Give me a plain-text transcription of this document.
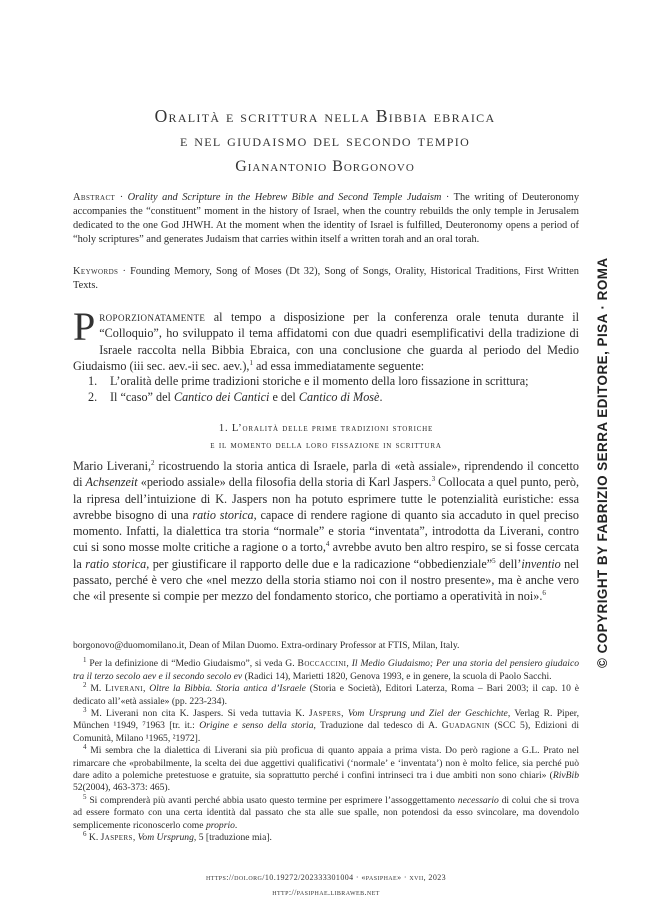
Oralità e scrittura nella Bibbia ebraica
e nel giudaismo del secondo tempio
Gianantonio Borgonovo
Abstract · Orality and Scripture in the Hebrew Bible and Second Temple Judaism · The writing of Deuteronomy accompanies the “constituent” moment in the history of Israel, when the country rebuilds the only temple in Jerusalem dedicated to the one God JHWH. At the moment when the identity of Israel is fulfilled, Deuteronomy opens a period of “holy scriptures” and generates Judaism that carries within itself a written torah and an oral torah.
Keywords · Founding Memory, Song of Moses (Dt 32), Song of Songs, Orality, Historical Traditions, First Written Texts.
Proporzionatamente al tempo a disposizione per la conferenza orale tenuta durante il “Colloquio”, ho sviluppato il tema affidatomi con due quadri esemplificativi della tradizione di Israele raccolta nella Bibbia Ebraica, con una conclusione che guarda al periodo del Medio Giudaismo (iii sec. aev.-ii sec. aev.),$^1$ ad essa immediatamente seguente:
1. L’oralità delle prime tradizioni storiche e il momento della loro fissazione in scrittura;
2. Il “caso” del Cantico dei Cantici e del Cantico di Mosè.
1. L’oralità delle prime tradizioni storiche
e il momento della loro fissazione in scrittura
Mario Liverani,$^2$ ricostruendo la storia antica di Israele, parla di «età assiale», riprendendo il concetto di Achsenzeit «periodo assiale» della filosofia della storia di Karl Jaspers.$^3$ Collocata a quel punto, però, la ripresa dell’intuizione di K. Jaspers non ha potuto esprimere tutte le potenzialità euristiche: essa avrebbe bisogno di una ratio storica, capace di rendere ragione di quanto sia accaduto in quel preciso momento. Infatti, la dialettica tra storia “normale” e storia “inventata”, introdotta da Liverani, contro cui si sono mosse molte critiche a ragione o a torto,$^4$ avrebbe avuto ben altro respiro, se si fosse cercata la ratio storica, per giustificare il rapporto delle due e la radicazione “obbedienziale”$^5$ dell’inventio nel passato, perché è vero che «nel mezzo della storia stiamo noi con il nostro presente», ma è anche vero che «il presente si compie per mezzo del fondamento storico, che portiamo a operatività in noi».$^6$

borgonovo@duomomilano.it, Dean of Milan Duomo. Extra-ordinary Professor at FTIS, Milan, Italy.

$^1$ Per la definizione di “Medio Giudaismo”, si veda G. Boccaccini, Il Medio Giudaismo; Per una storia del pensiero giudaico tra il terzo secolo aev e il secondo secolo ev (Radici 14), Marietti 1820, Genova 1993, e in genere, la scuola di Paolo Sacchi.

$^2$ M. Liverani, Oltre la Bibbia. Storia antica d’Israele (Storia e Società), Editori Laterza, Roma – Bari 2003; il cap. 10 è dedicato all’«età assiale» (pp. 223-234).

$^3$ M. Liverani non cita K. Jaspers. Si veda tuttavia K. Jaspers, Vom Ursprung und Ziel der Geschichte, Verlag R. Piper, München ¹1949, ⁷1963 [tr. it.: Origine e senso della storia, Traduzione dal tedesco di A. Guadagnin (SCC 5), Edizioni di Comunità, Milano ¹1965, ²1972].

$^4$ Mi sembra che la dialettica di Liverani sia più proficua di quanto appaia a prima vista. Do però ragione a G.L. Prato nel rimarcare che «probabilmente, la scelta dei due aggettivi qualificativi (‘normale’ e ‘inventata’) non è molto felice, sia perché può dare adito a polemiche pretestuose e gratuite, sia soprattutto perché i confini intrinseci tra i due ambiti non sono chiari» (RivBib 52(2004), 463-373: 465).

$^5$ Si comprenderà più avanti perché abbia usato questo termine per esprimere l’assoggettamento necessario di colui che si trova ad essere formato con una certa identità dal passato che sta alle sue spalle, non potendosi da esso svincolare, ma dovendolo semplicemente riconoscerlo come proprio.

$^6$ K. Jaspers, Vom Ursprung, 5 [traduzione mia].

https://doi.org/10.19272/202333301004 · «pasiphae» · xvii, 2023
http://pasiphae.libraweb.net
© COPYRIGHT BY FABRIZIO SERRA EDITORE, PISA · ROMA
